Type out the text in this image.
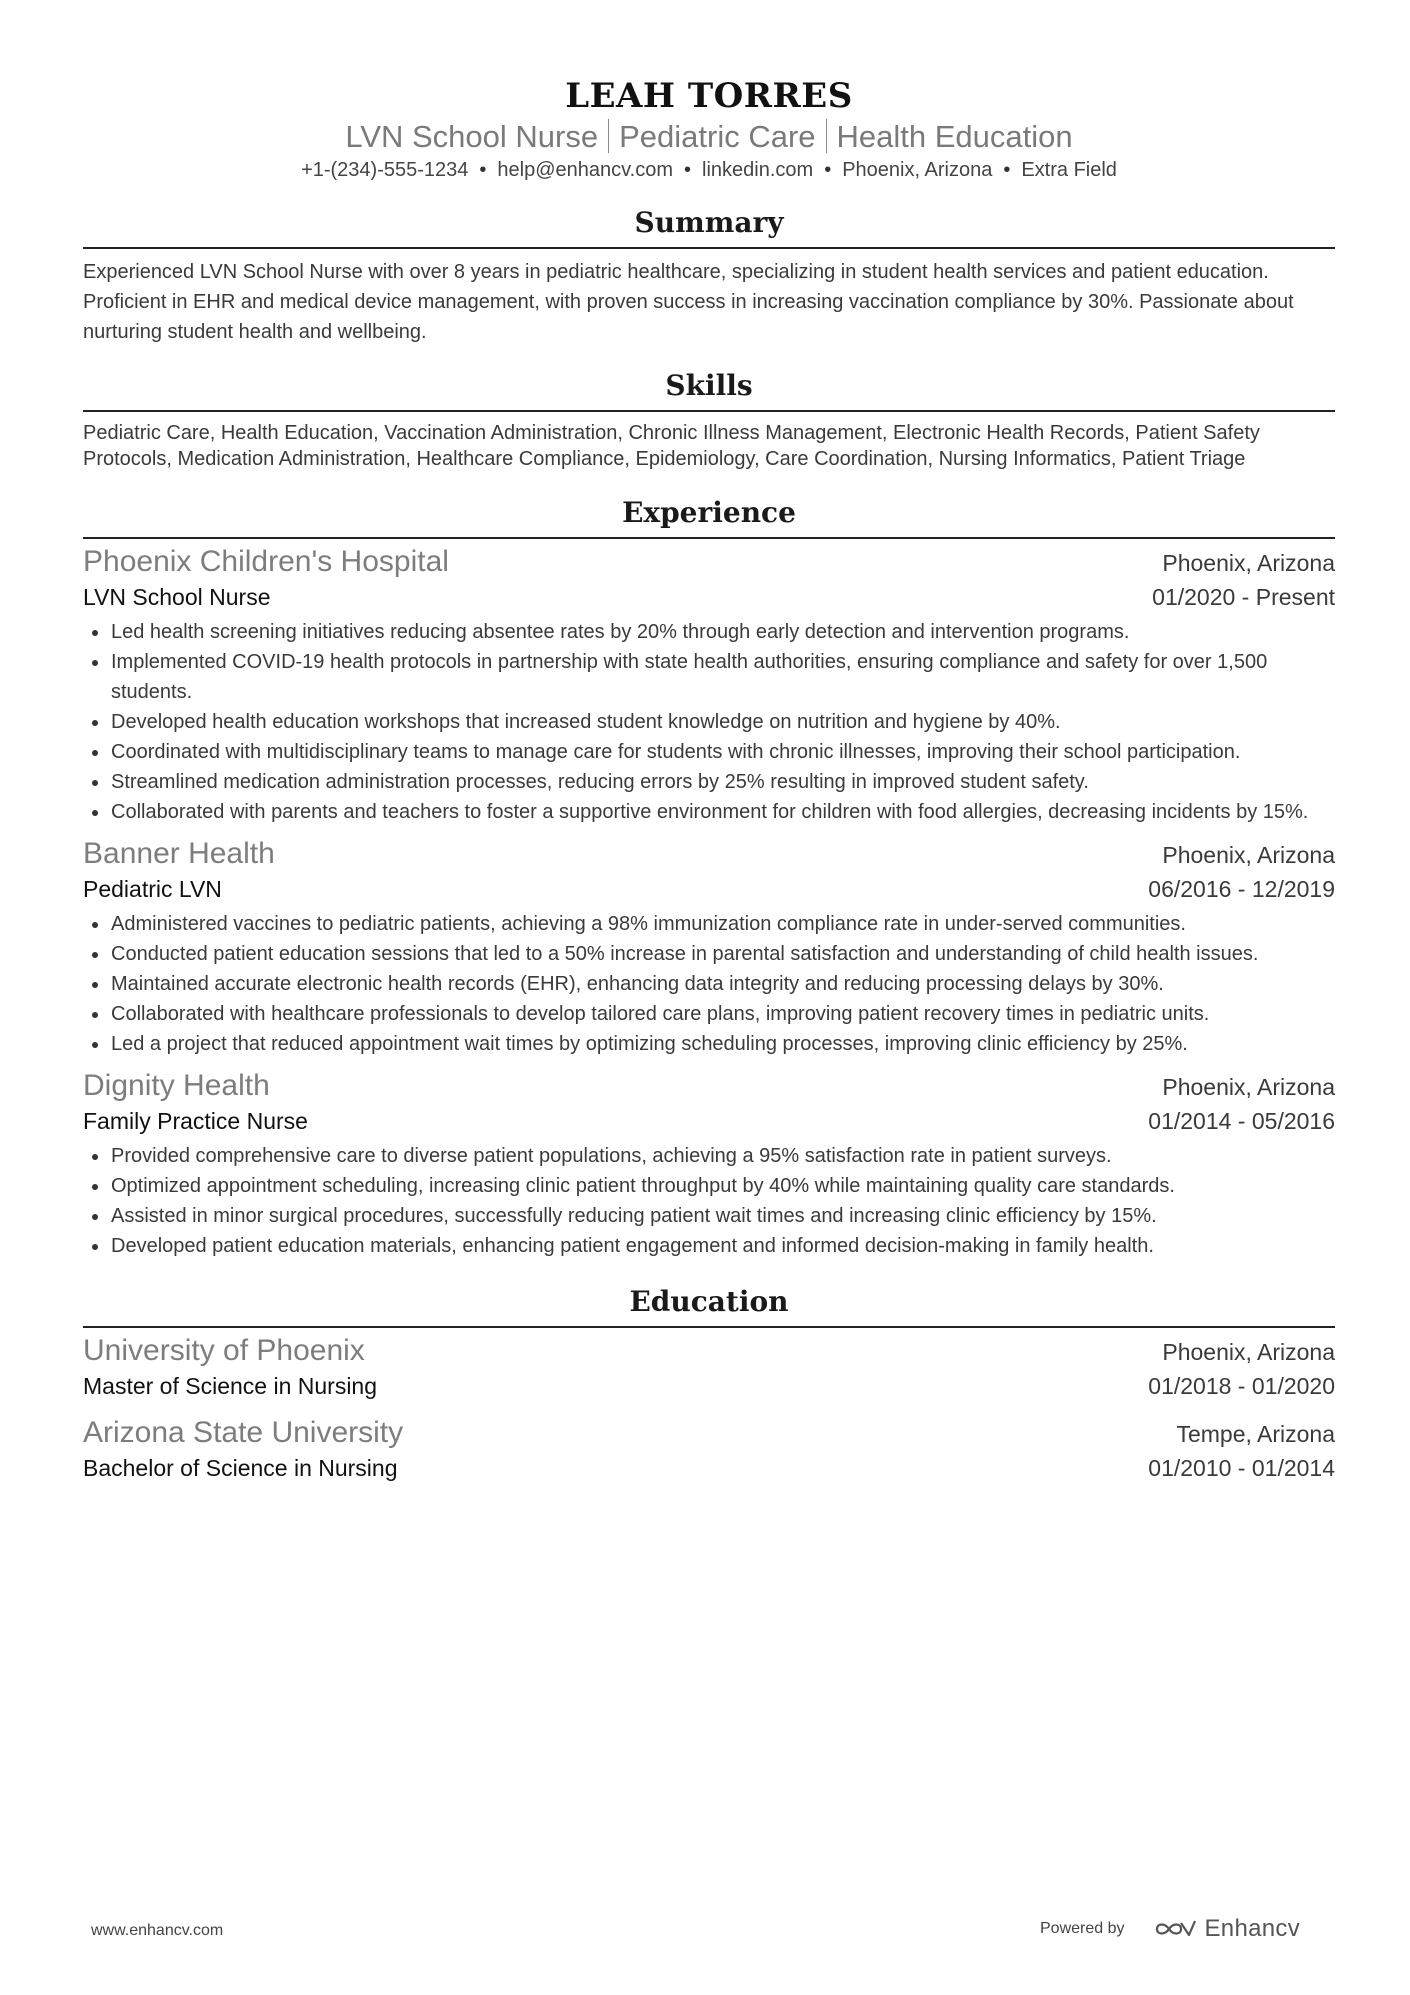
LEAH TORRES
LVN School Nurse Pediatric Care Health Education
+1-(234)-555-1234 • help@enhancv.com • linkedin.com • Phoenix, Arizona • Extra Field
Summary
Experienced LVN School Nurse with over 8 years in pediatric healthcare, specializing in student health services and patient education. Proficient in EHR and medical device management, with proven success in increasing vaccination compliance by 30%. Passionate about nurturing student health and wellbeing.
Skills
Pediatric Care, Health Education, Vaccination Administration, Chronic Illness Management, Electronic Health Records, Patient Safety Protocols, Medication Administration, Healthcare Compliance, Epidemiology, Care Coordination, Nursing Informatics, Patient Triage
Experience
Phoenix Children's Hospital	Phoenix, Arizona
LVN School Nurse	01/2020 - Present
Led health screening initiatives reducing absentee rates by 20% through early detection and intervention programs.
Implemented COVID-19 health protocols in partnership with state health authorities, ensuring compliance and safety for over 1,500 students.
Developed health education workshops that increased student knowledge on nutrition and hygiene by 40%.
Coordinated with multidisciplinary teams to manage care for students with chronic illnesses, improving their school participation.
Streamlined medication administration processes, reducing errors by 25% resulting in improved student safety.
Collaborated with parents and teachers to foster a supportive environment for children with food allergies, decreasing incidents by 15%.
Banner Health	Phoenix, Arizona
Pediatric LVN	06/2016 - 12/2019
Administered vaccines to pediatric patients, achieving a 98% immunization compliance rate in under-served communities.
Conducted patient education sessions that led to a 50% increase in parental satisfaction and understanding of child health issues.
Maintained accurate electronic health records (EHR), enhancing data integrity and reducing processing delays by 30%.
Collaborated with healthcare professionals to develop tailored care plans, improving patient recovery times in pediatric units.
Led a project that reduced appointment wait times by optimizing scheduling processes, improving clinic efficiency by 25%.
Dignity Health	Phoenix, Arizona
Family Practice Nurse	01/2014 - 05/2016
Provided comprehensive care to diverse patient populations, achieving a 95% satisfaction rate in patient surveys.
Optimized appointment scheduling, increasing clinic patient throughput by 40% while maintaining quality care standards.
Assisted in minor surgical procedures, successfully reducing patient wait times and increasing clinic efficiency by 15%.
Developed patient education materials, enhancing patient engagement and informed decision-making in family health.
Education
University of Phoenix	Phoenix, Arizona
Master of Science in Nursing	01/2018 - 01/2020
Arizona State University	Tempe, Arizona
Bachelor of Science in Nursing	01/2010 - 01/2014
www.enhancv.com	Powered by	Enhancv
